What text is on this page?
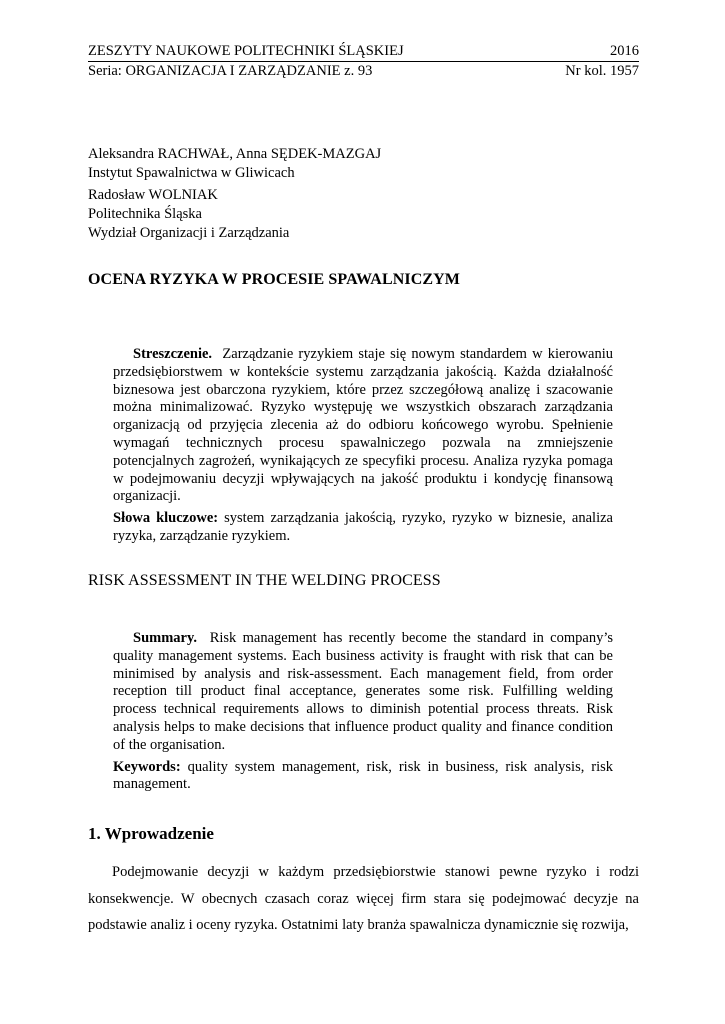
ZESZYTY NAUKOWE POLITECHNIKI ŚLĄSKIEJ	2016
Seria: ORGANIZACJA I ZARZĄDZANIE z. 93	Nr kol. 1957
Aleksandra RACHWAŁ, Anna SĘDEK-MAZGAJ
Instytut Spawalnictwa w Gliwicach
Radosław WOLNIAK
Politechnika Śląska
Wydział Organizacji i Zarządzania
OCENA RYZYKA W PROCESIE SPAWALNICZYM

Streszczenie. Zarządzanie ryzykiem staje się nowym standardem w kierowaniu przedsiębiorstwem w kontekście systemu zarządzania jakością. Każda działalność biznesowa jest obarczona ryzykiem, które przez szczegółową analizę i szacowanie można minimalizować. Ryzyko występuję we wszystkich obszarach zarządzania organizacją od przyjęcia zlecenia aż do odbioru końcowego wyrobu. Spełnienie wymagań technicznych procesu spawalniczego pozwala na zmniejszenie potencjalnych zagrożeń, wynikających ze specyfiki procesu. Analiza ryzyka pomaga w podejmowaniu decyzji wpływających na jakość produktu i kondycję finansową organizacji.

Słowa kluczowe: system zarządzania jakością, ryzyko, ryzyko w biznesie, analiza ryzyka, zarządzanie ryzykiem.

RISK ASSESSMENT IN THE WELDING PROCESS

Summary. Risk management has recently become the standard in company’s quality management systems. Each business activity is fraught with risk that can be minimised by analysis and risk-assessment. Each management field, from order reception till product final acceptance, generates some risk. Fulfilling welding process technical requirements allows to diminish potential process threats. Risk analysis helps to make decisions that influence product quality and finance condition of the organisation.

Keywords: quality system management, risk, risk in business, risk analysis, risk management.

1. Wprowadzenie

Podejmowanie decyzji w każdym przedsiębiorstwie stanowi pewne ryzyko i rodzi konsekwencje. W obecnych czasach coraz więcej firm stara się podejmować decyzje na podstawie analiz i oceny ryzyka. Ostatnimi laty branża spawalnicza dynamicznie się rozwija,
